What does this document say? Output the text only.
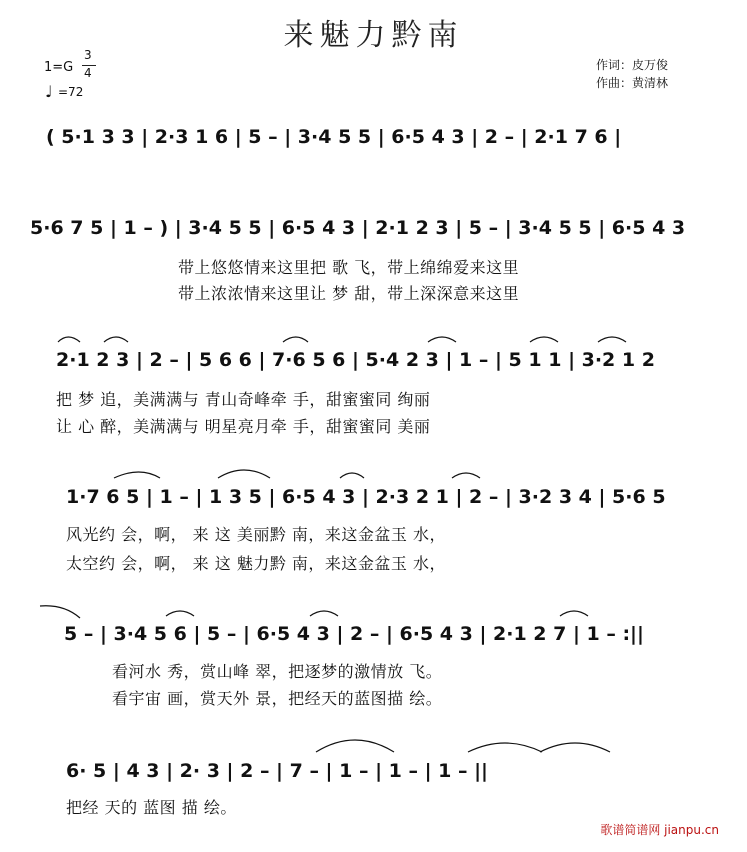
来魅力黔南
1=G
3
4
♩ =72
作词：皮万俊
作曲：黄清林
( 5·1 3 3 | 2·3 1 6 | 5 – | 3·4 5 5 | 6·5 4 3 | 2 – | 2·1 7 6 |
5·6 7 5 | 1 – ) | 3·4 5 5 | 6·5 4 3 | 2·1 2 3 | 5 – | 3·4 5 5 | 6·5 4 3
带上悠悠情来这里把 歌 飞，带上绵绵爱来这里
带上浓浓情来这里让 梦 甜，带上深深意来这里
2·1 2 3 | 2 – | 5 6 6 | 7·6 5 6 | 5·4 2 3 | 1 – | 5 1 1 | 3·2 1 2
把 梦 追，美满满与 青山奇峰牵 手，甜蜜蜜同 绚丽
让 心 醉，美满满与 明星亮月牵 手，甜蜜蜜同 美丽
1·7 6 5 | 1 – | 1 3 5 | 6·5 4 3 | 2·3 2 1 | 2 – | 3·2 3 4 | 5·6 5
风光约 会，啊， 来 这 美丽黔 南，来这金盆玉 水，
太空约 会，啊， 来 这 魅力黔 南，来这金盆玉 水，
5 – | 3·4 5 6 | 5 – | 6·5 4 3 | 2 – | 6·5 4 3 | 2·1 2 7 | 1 – :||
看河水 秀，赏山峰 翠，把逐梦的激情放 飞。
看宇宙 画，赏天外 景，把经天的蓝图描 绘。
6· 5 | 4 3 | 2· 3 | 2 – | 7 – | 1 – | 1 – | 1 – ||
把经 天的 蓝图 描 绘。
歌谱简谱网 jianpu.cn
